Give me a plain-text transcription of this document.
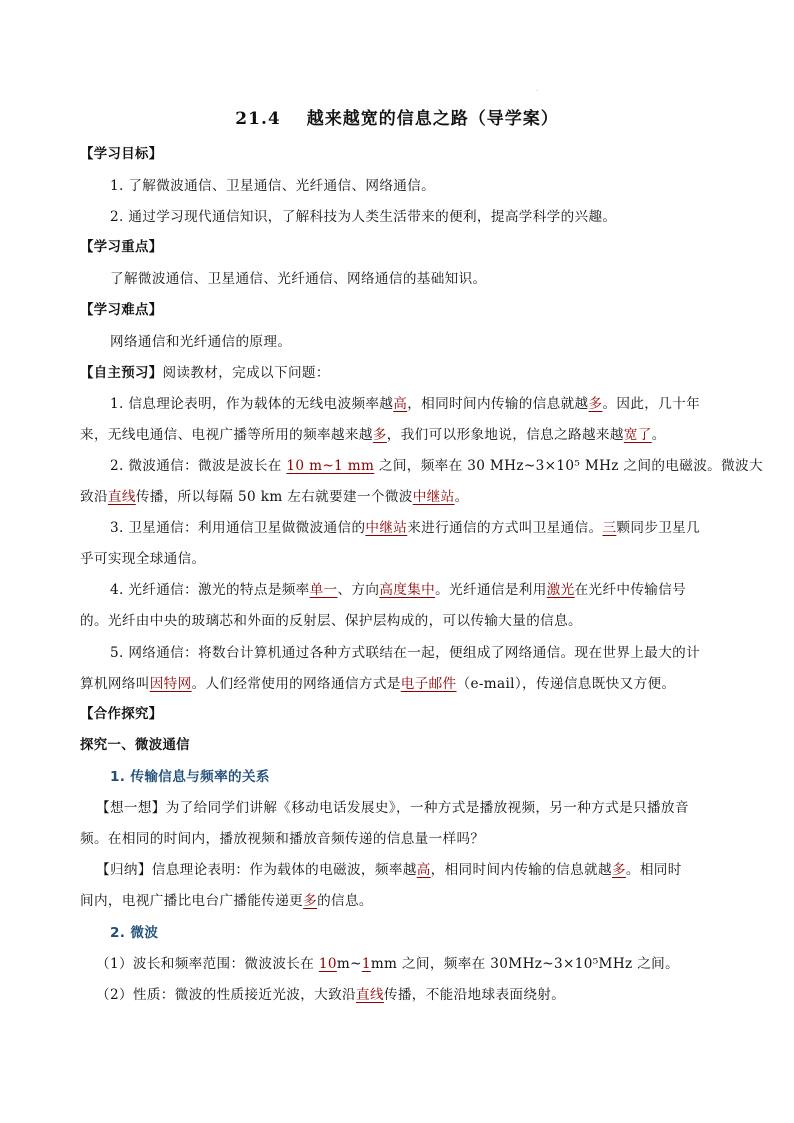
.
21.4 越来越宽的信息之路（导学案）
【学习目标】
1. 了解微波通信、卫星通信、光纤通信、网络通信。
2. 通过学习现代通信知识，了解科技为人类生活带来的便利，提高学科学的兴趣。
【学习重点】
了解微波通信、卫星通信、光纤通信、网络通信的基础知识。
【学习难点】
网络通信和光纤通信的原理。
【自主预习】阅读教材，完成以下问题：
1. 信息理论表明，作为载体的无线电波频率越高，相同时间内传输的信息就越多。因此，几十年
来，无线电通信、电视广播等所用的频率越来越多，我们可以形象地说，信息之路越来越宽了。
2. 微波通信：微波是波长在 10 m~1 mm 之间，频率在 30 MHz~3×10⁵ MHz 之间的电磁波。微波大
致沿直线传播，所以每隔 50 km 左右就要建一个微波中继站。
3. 卫星通信：利用通信卫星做微波通信的中继站来进行通信的方式叫卫星通信。三颗同步卫星几
乎可实现全球通信。
4. 光纤通信：激光的特点是频率单一、方向高度集中。光纤通信是利用激光在光纤中传输信号
的。光纤由中央的玻璃芯和外面的反射层、保护层构成的，可以传输大量的信息。
5. 网络通信：将数台计算机通过各种方式联结在一起，便组成了网络通信。现在世界上最大的计
算机网络叫因特网。人们经常使用的网络通信方式是电子邮件（e-mail），传递信息既快又方便。
【合作探究】
探究一、微波通信
1. 传输信息与频率的关系
【想一想】为了给同学们讲解《移动电话发展史》，一种方式是播放视频，另一种方式是只播放音
频。在相同的时间内，播放视频和播放音频传递的信息量一样吗？
【归纳】信息理论表明：作为载体的电磁波，频率越高，相同时间内传输的信息就越多。相同时
间内，电视广播比电台广播能传递更多的信息。
2. 微波
（1）波长和频率范围：微波波长在 10m~1mm 之间，频率在 30MHz~3×10⁵MHz 之间。
（2）性质：微波的性质接近光波，大致沿直线传播，不能沿地球表面绕射。
